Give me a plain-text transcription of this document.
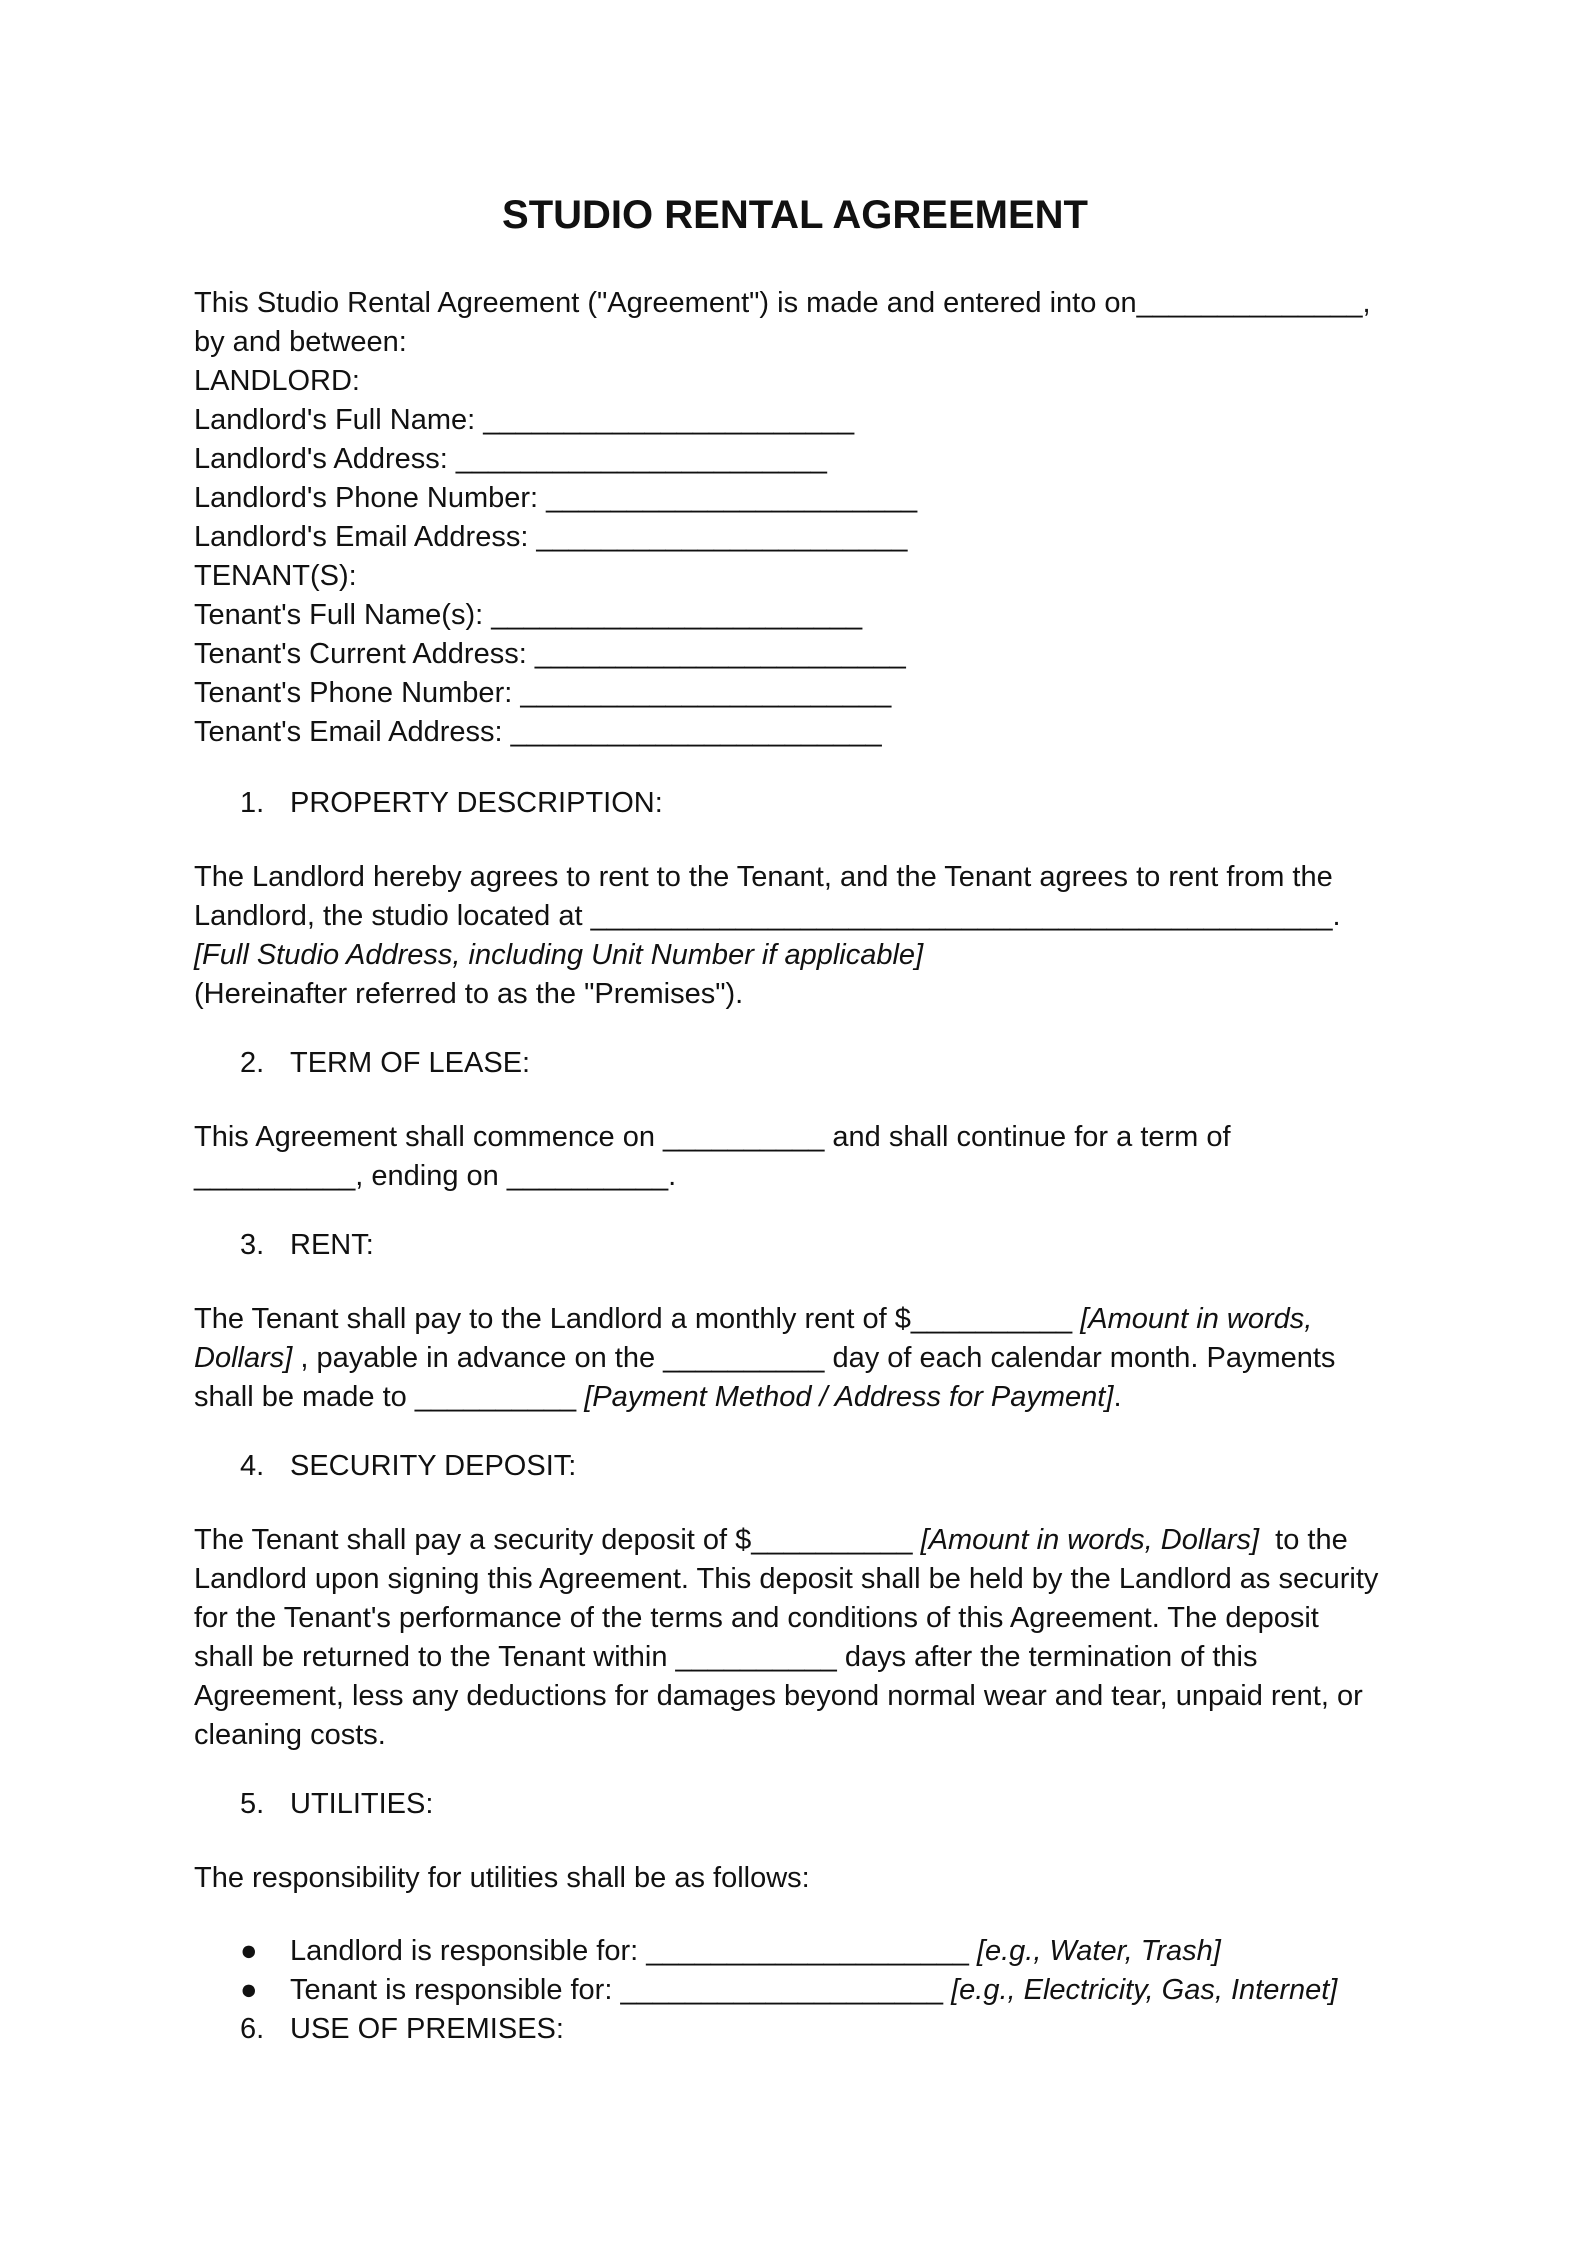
STUDIO RENTAL AGREEMENT
This Studio Rental Agreement ("Agreement") is made and entered into on______________,
by and between:
LANDLORD:
Landlord's Full Name: _______________________
Landlord's Address: _______________________
Landlord's Phone Number: _______________________
Landlord's Email Address: _______________________
TENANT(S):
Tenant's Full Name(s): _______________________
Tenant's Current Address: _______________________
Tenant's Phone Number: _______________________
Tenant's Email Address: _______________________
1. PROPERTY DESCRIPTION:
The Landlord hereby agrees to rent to the Tenant, and the Tenant agrees to rent from the
Landlord, the studio located at ______________________________________________.
[Full Studio Address, including Unit Number if applicable]
(Hereinafter referred to as the "Premises").
2. TERM OF LEASE:
This Agreement shall commence on __________ and shall continue for a term of
__________, ending on __________.
3. RENT:
The Tenant shall pay to the Landlord a monthly rent of $__________ [Amount in words,
Dollars] , payable in advance on the __________ day of each calendar month. Payments
shall be made to __________ [Payment Method / Address for Payment].
4. SECURITY DEPOSIT:
The Tenant shall pay a security deposit of $__________ [Amount in words, Dollars]  to the
Landlord upon signing this Agreement. This deposit shall be held by the Landlord as security
for the Tenant's performance of the terms and conditions of this Agreement. The deposit
shall be returned to the Tenant within __________ days after the termination of this
Agreement, less any deductions for damages beyond normal wear and tear, unpaid rent, or
cleaning costs.
5. UTILITIES:
The responsibility for utilities shall be as follows:
● Landlord is responsible for: ____________________ [e.g., Water, Trash]
● Tenant is responsible for: ____________________ [e.g., Electricity, Gas, Internet]
6. USE OF PREMISES:
